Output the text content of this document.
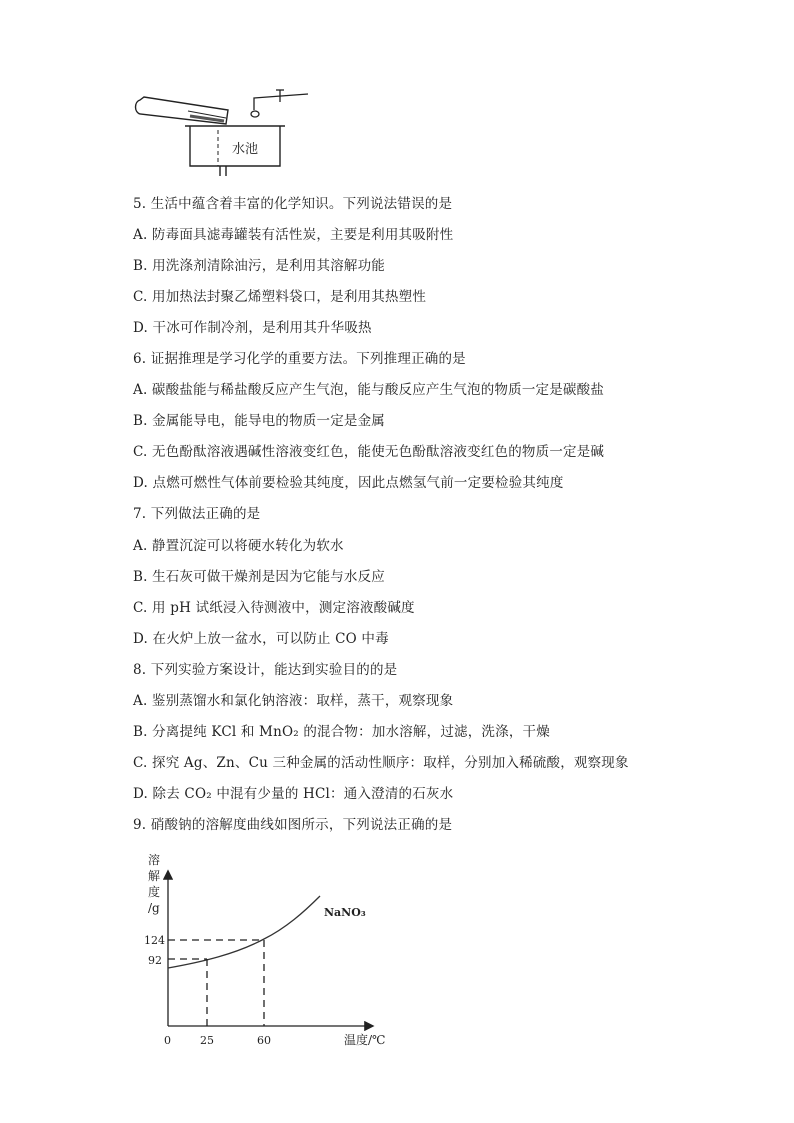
水池
5. 生活中蕴含着丰富的化学知识。下列说法错误的是
A. 防毒面具滤毒罐装有活性炭，主要是利用其吸附性
B. 用洗涤剂清除油污，是利用其溶解功能
C. 用加热法封聚乙烯塑料袋口，是利用其热塑性
D. 干冰可作制冷剂，是利用其升华吸热
6. 证据推理是学习化学的重要方法。下列推理正确的是
A. 碳酸盐能与稀盐酸反应产生气泡，能与酸反应产生气泡的物质一定是碳酸盐
B. 金属能导电，能导电的物质一定是金属
C. 无色酚酞溶液遇碱性溶液变红色，能使无色酚酞溶液变红色的物质一定是碱
D. 点燃可燃性气体前要检验其纯度，因此点燃氢气前一定要检验其纯度
7. 下列做法正确的是
A. 静置沉淀可以将硬水转化为软水
B. 生石灰可做干燥剂是因为它能与水反应
C. 用 pH 试纸浸入待测液中，测定溶液酸碱度
D. 在火炉上放一盆水，可以防止 CO 中毒
8. 下列实验方案设计，能达到实验目的的是
A. 鉴别蒸馏水和氯化钠溶液：取样，蒸干，观察现象
B. 分离提纯 KCl 和 MnO₂ 的混合物：加水溶解，过滤，洗涤，干燥
C. 探究 Ag、Zn、Cu 三种金属的活动性顺序：取样，分别加入稀硫酸，观察现象
D. 除去 CO₂ 中混有少量的 HCl：通入澄清的石灰水
9. 硝酸钠的溶解度曲线如图所示，下列说法正确的是
溶
解
度
/g
124
92
0	25	60	温度/℃
NaNO₃
